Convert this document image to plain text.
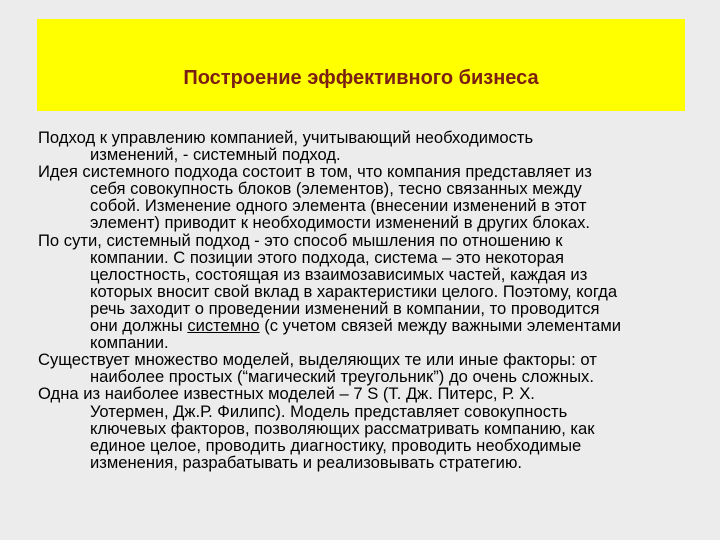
Построение эффективного бизнеса

Подход к управлению компанией, учитывающий необходимость
изменений, - системный подход.

Идея системного подхода состоит в том, что компания представляет из
себя совокупность блоков (элементов), тесно связанных между
собой. Изменение одного элемента (внесении изменений в этот
элемент) приводит к необходимости изменений в других блоках.

По сути, системный подход - это способ мышления по отношению к
компании. С позиции этого подхода, система – это некоторая
целостность, состоящая из взаимозависимых частей, каждая из
которых вносит свой вклад в характеристики целого. Поэтому, когда
речь заходит о проведении изменений в компании, то проводится
они должны системно (с учетом связей между важными элементами
компании.

Существует множество моделей, выделяющих те или иные факторы: от
наиболее простых (“магический треугольник”) до очень сложных.

Одна из наиболее известных моделей – 7 S (Т. Дж. Питерс, Р. Х.
Уотермен, Дж.Р. Филипс). Модель представляет совокупность
ключевых факторов, позволяющих рассматривать компанию, как
единое целое, проводить диагностику, проводить необходимые
изменения, разрабатывать и реализовывать стратегию.
